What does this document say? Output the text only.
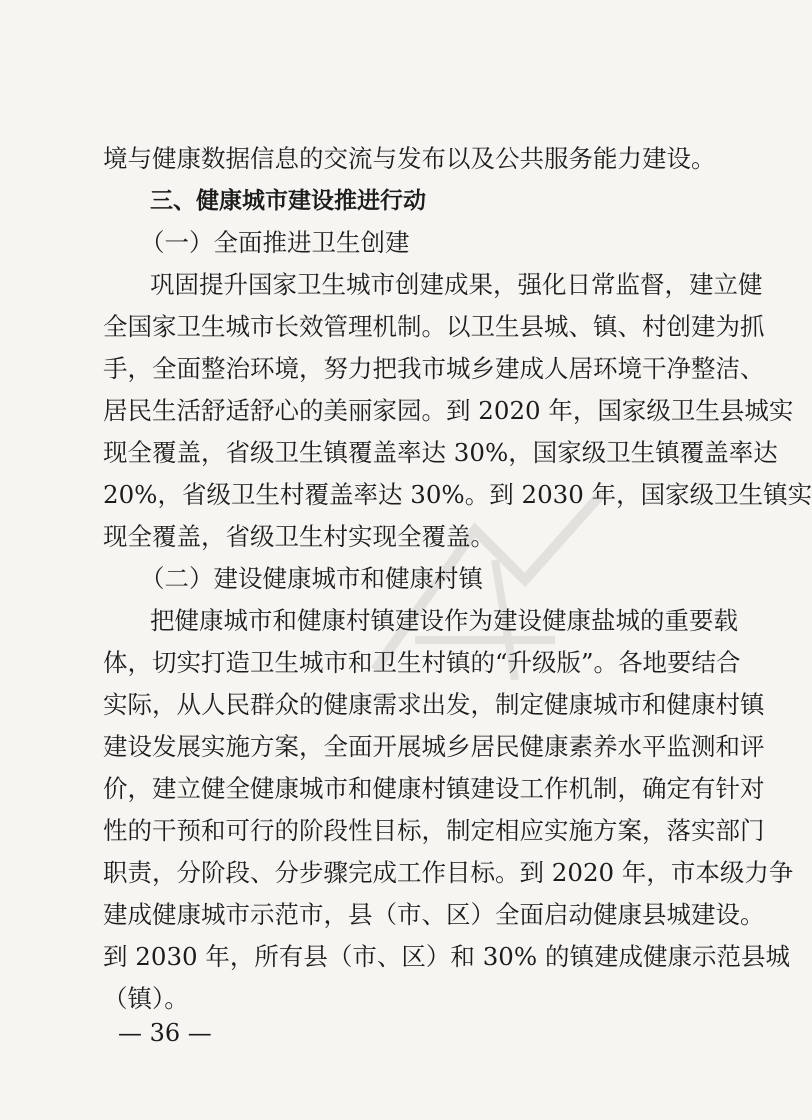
境与健康数据信息的交流与发布以及公共服务能力建设。
三、健康城市建设推进行动
（一）全面推进卫生创建
巩固提升国家卫生城市创建成果，强化日常监督，建立健
全国家卫生城市长效管理机制。以卫生县城、镇、村创建为抓
手，全面整治环境，努力把我市城乡建成人居环境干净整洁、
居民生活舒适舒心的美丽家园。到 2020 年，国家级卫生县城实
现全覆盖，省级卫生镇覆盖率达 30%，国家级卫生镇覆盖率达
20%，省级卫生村覆盖率达 30%。到 2030 年，国家级卫生镇实
现全覆盖，省级卫生村实现全覆盖。
（二）建设健康城市和健康村镇
把健康城市和健康村镇建设作为建设健康盐城的重要载
体，切实打造卫生城市和卫生村镇的“升级版”。各地要结合
实际，从人民群众的健康需求出发，制定健康城市和健康村镇
建设发展实施方案，全面开展城乡居民健康素养水平监测和评
价，建立健全健康城市和健康村镇建设工作机制，确定有针对
性的干预和可行的阶段性目标，制定相应实施方案，落实部门
职责，分阶段、分步骤完成工作目标。到 2020 年，市本级力争
建成健康城市示范市，县（市、区）全面启动健康县城建设。
到 2030 年，所有县（市、区）和 30% 的镇建成健康示范县城
（镇）。
— 36 —
